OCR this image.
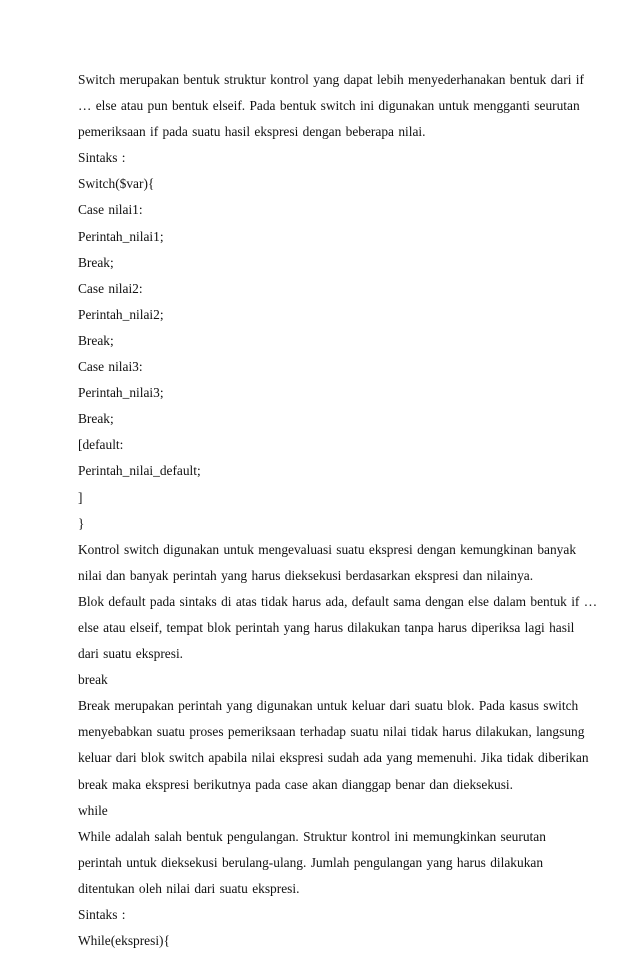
Switch merupakan bentuk struktur kontrol yang dapat lebih menyederhanakan bentuk dari if
… else atau pun bentuk elseif. Pada bentuk switch ini digunakan untuk mengganti seurutan
pemeriksaan if pada suatu hasil ekspresi dengan beberapa nilai.
Sintaks :
Switch($var){
Case nilai1:
Perintah_nilai1;
Break;
Case nilai2:
Perintah_nilai2;
Break;
Case nilai3:
Perintah_nilai3;
Break;
[default:
Perintah_nilai_default;
]
}
Kontrol switch digunakan untuk mengevaluasi suatu ekspresi dengan kemungkinan banyak
nilai dan banyak perintah yang harus dieksekusi berdasarkan ekspresi dan nilainya.
Blok default pada sintaks di atas tidak harus ada, default sama dengan else dalam bentuk if …
else atau elseif, tempat blok perintah yang harus dilakukan tanpa harus diperiksa lagi hasil
dari suatu ekspresi.
break
Break merupakan perintah yang digunakan untuk keluar dari suatu blok. Pada kasus switch
menyebabkan suatu proses pemeriksaan terhadap suatu nilai tidak harus dilakukan, langsung
keluar dari blok switch apabila nilai ekspresi sudah ada yang memenuhi. Jika tidak diberikan
break maka ekspresi berikutnya pada case akan dianggap benar dan dieksekusi.
while
While adalah salah bentuk pengulangan. Struktur kontrol ini memungkinkan seurutan
perintah untuk dieksekusi berulang-ulang. Jumlah pengulangan yang harus dilakukan
ditentukan oleh nilai dari suatu ekspresi.
Sintaks :
While(ekspresi){
